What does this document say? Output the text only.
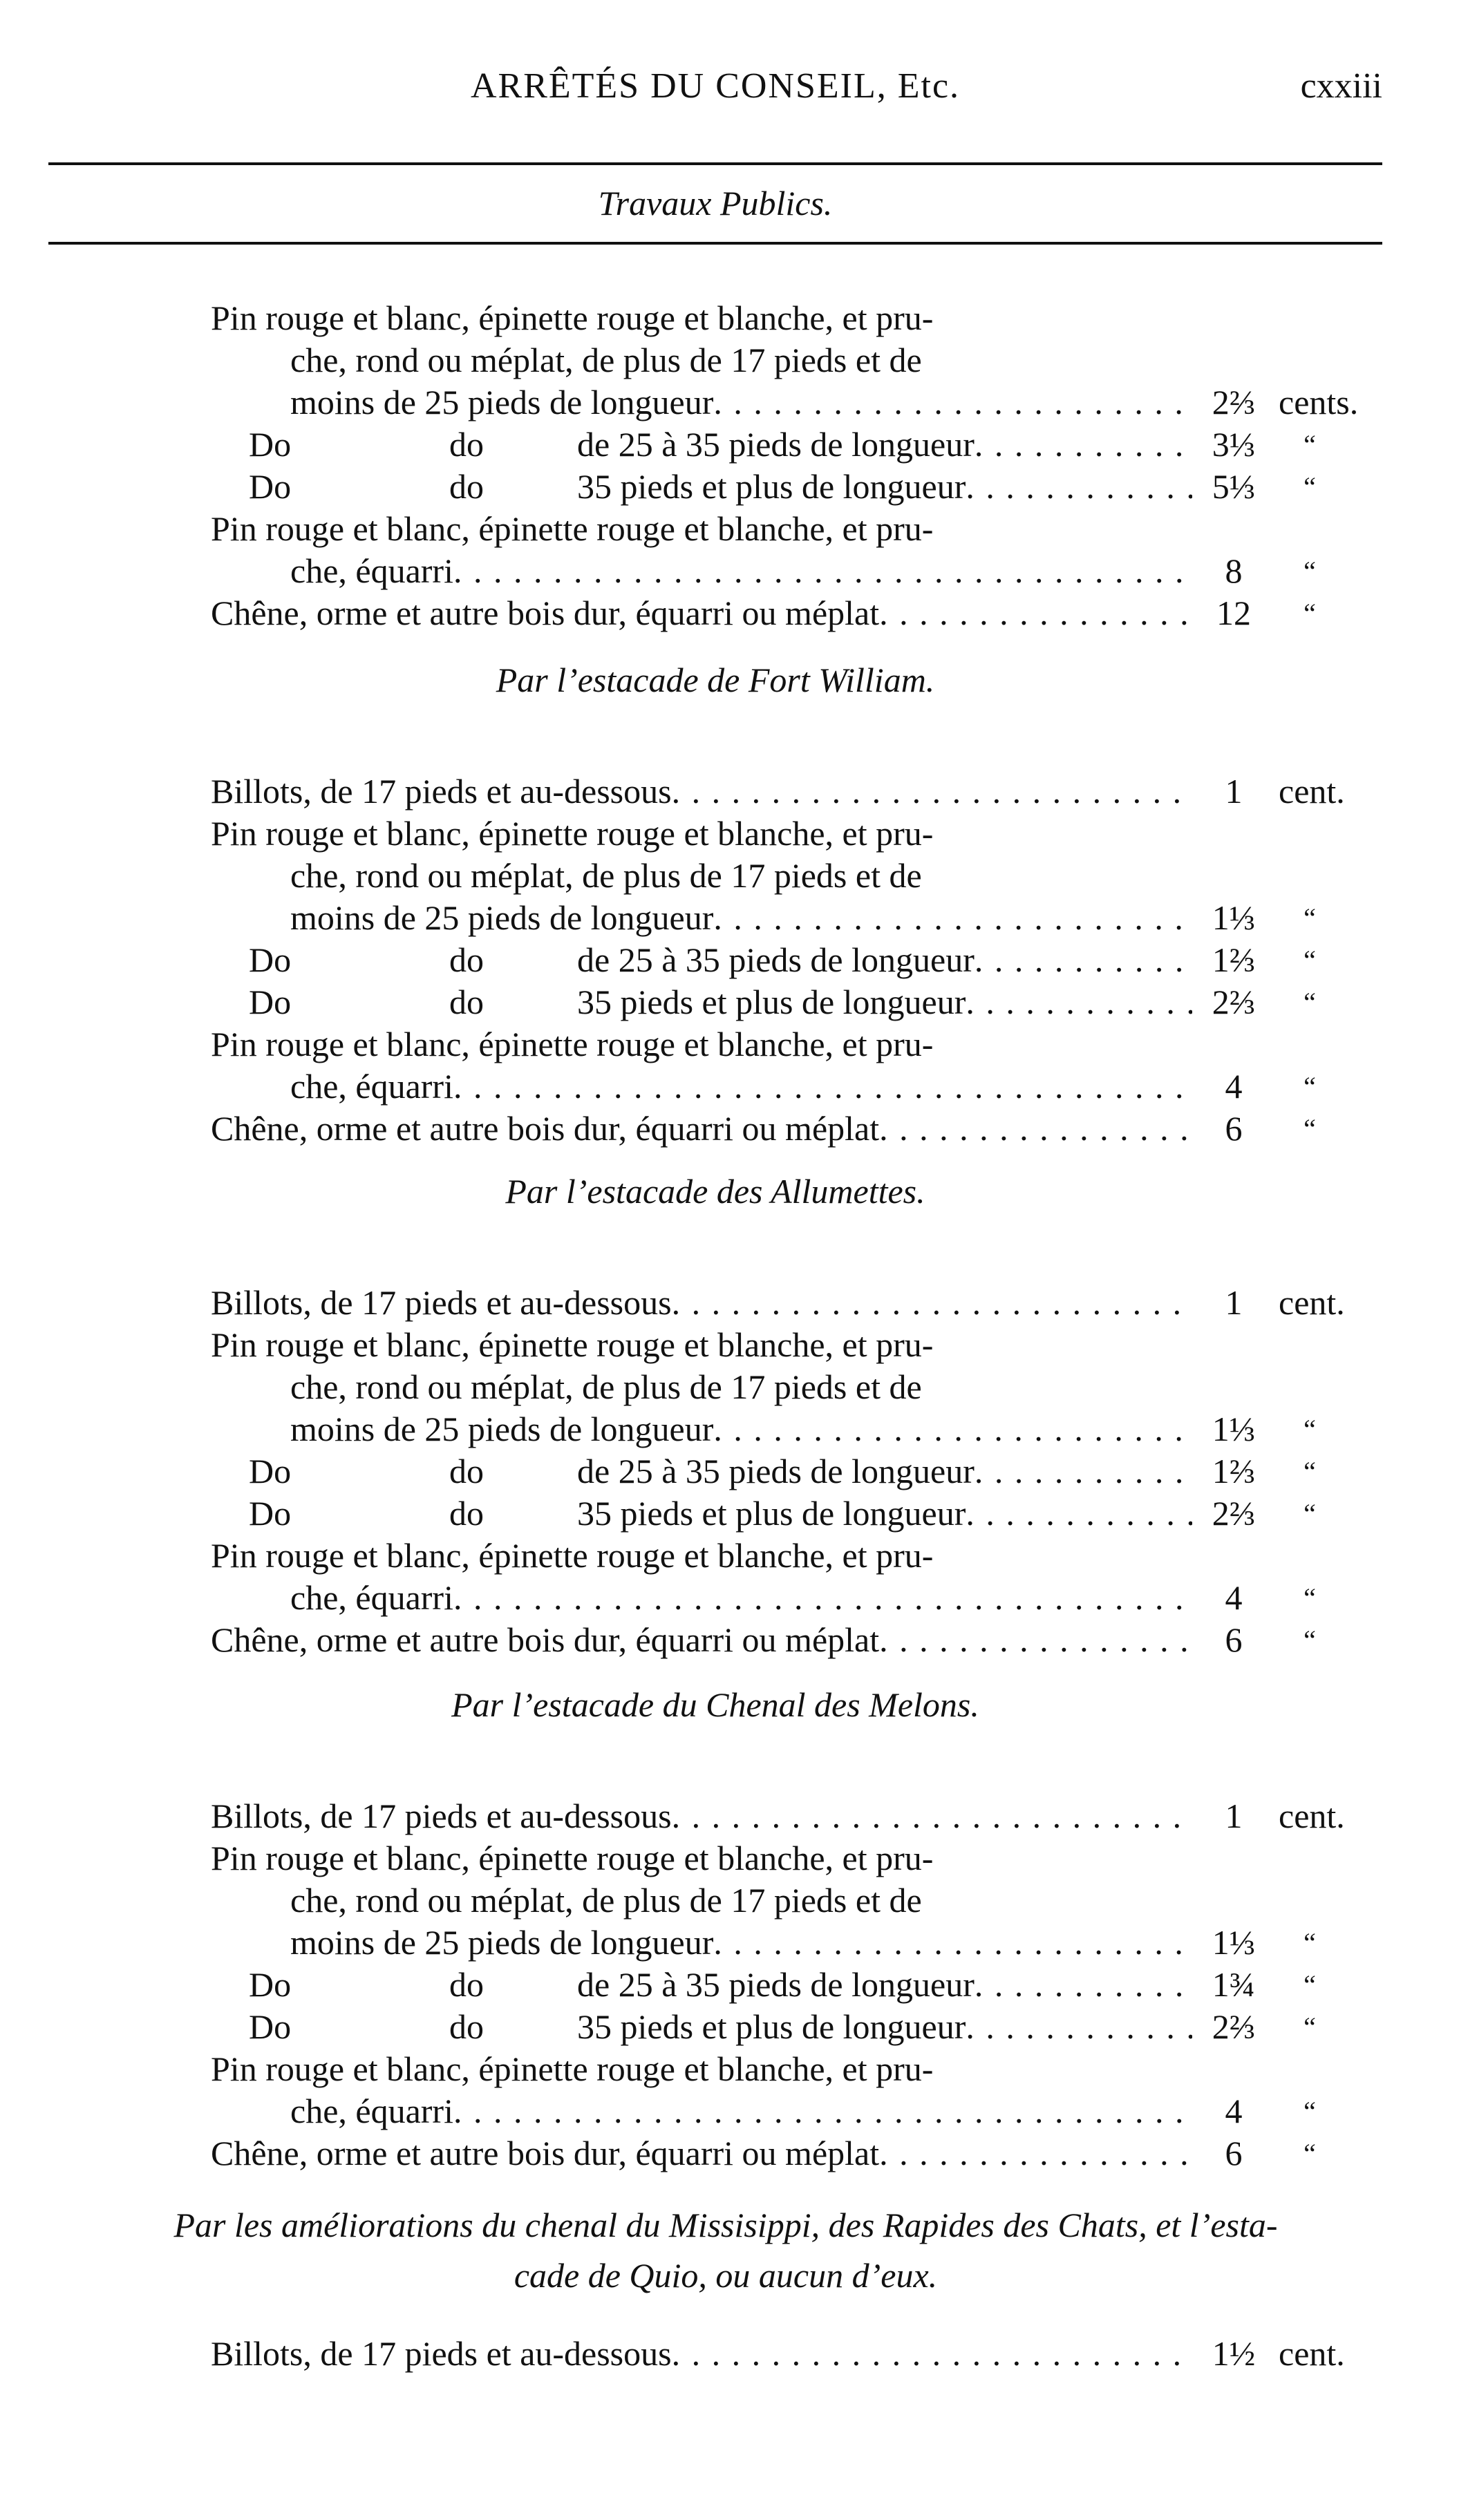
ARRÊTÉS DU CONSEIL, Etc.	cxxiii
Travaux Publics.
Pin rouge et blanc, épinette rouge et blanche, et pru-
che, rond ou méplat, de plus de 17 pieds et de
moins de 25 pieds de longueur . . .	2⅔ cents.
Do	do	de 25 à 35 pieds de longueur . . .	3⅓	“
Do	do	35 pieds et plus de longueur . . .	5⅓	“
Pin rouge et blanc, épinette rouge et blanche, et pru-
che, équarri . . .	8	“
Chêne, orme et autre bois dur, équarri ou méplat . . .	12	“
Par l’estacade de Fort William.
Billots, de 17 pieds et au-dessous . . .	1	cent.
Pin rouge et blanc, épinette rouge et blanche, et pru-
che, rond ou méplat, de plus de 17 pieds et de
moins de 25 pieds de longueur . . .	1⅓	“
Do	do	de 25 à 35 pieds de longueur . . .	1⅔	“
Do	do	35 pieds et plus de longueur . . .	2⅔	“
Pin rouge et blanc, épinette rouge et blanche, et pru-
che, équarri . . .	4	“
Chêne, orme et autre bois dur, équarri ou méplat . . .	6	“
Par l’estacade des Allumettes.
Billots, de 17 pieds et au-dessous . . .	1	cent.
Pin rouge et blanc, épinette rouge et blanche, et pru-
che, rond ou méplat, de plus de 17 pieds et de
moins de 25 pieds de longueur . . .	1⅓	“
Do	do	de 25 à 35 pieds de longueur . . .	1⅔	“
Do	do	35 pieds et plus de longueur . . .	2⅔	“
Pin rouge et blanc, épinette rouge et blanche, et pru-
che, équarri . . .	4	“
Chêne, orme et autre bois dur, équarri ou méplat . . .	6	“
Par l’estacade du Chenal des Melons.
Billots, de 17 pieds et au-dessous . . .	1	cent.
Pin rouge et blanc, épinette rouge et blanche, et pru-
che, rond ou méplat, de plus de 17 pieds et de
moins de 25 pieds de longueur . . .	1⅓	“
Do	do	de 25 à 35 pieds de longueur . . .	1¾	“
Do	do	35 pieds et plus de longueur . . .	2⅔	“
Pin rouge et blanc, épinette rouge et blanche, et pru-
che, équarri . . .	4	“
Chêne, orme et autre bois dur, équarri ou méplat . . .	6	“
Par les améliorations du chenal du Missisippi, des Rapides des Chats, et l’esta-
cade de Quio, ou aucun d’eux.
Billots, de 17 pieds et au-dessous . . .	1½ cent.
